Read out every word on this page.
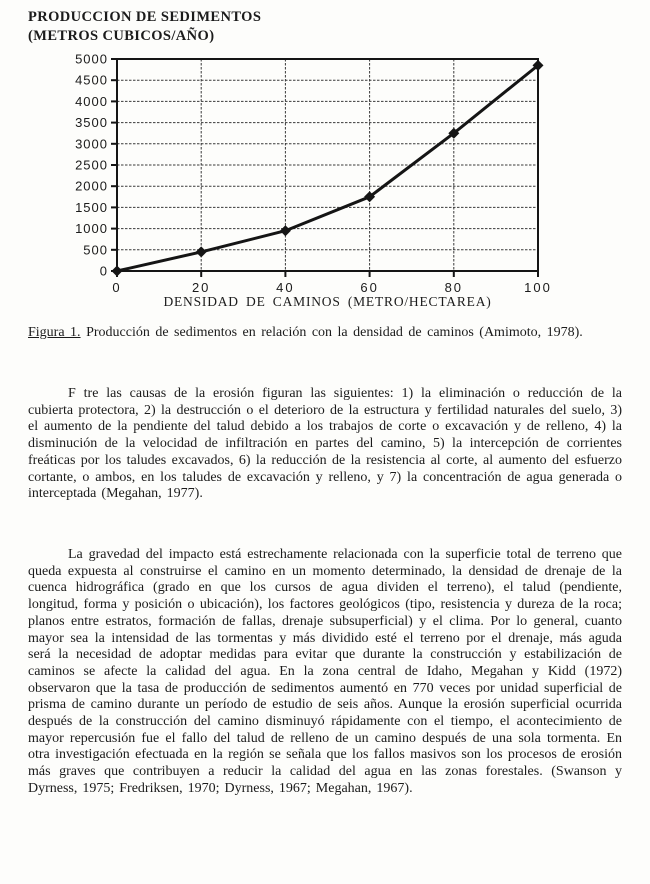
PRODUCCION DE SEDIMENTOS
(METROS CUBICOS/AÑO)
0
500
1000
1500
2000
2500
3000
3500
4000
4500
5000
0	20	40	60	80	100
DENSIDAD DE CAMINOS (METRO/HECTAREA)
Figura 1. Producción de sedimentos en relación con la densidad de caminos (Amimoto, 1978).
F tre las causas de la erosión figuran las siguientes: 1) la eliminación o reducción de la cubierta protectora, 2) la destrucción o el deterioro de la estructura y fertilidad naturales del suelo, 3) el aumento de la pendiente del talud debido a los trabajos de corte o excavación y de relleno, 4) la disminución de la velocidad de infiltración en partes del camino, 5) la intercepción de corrientes freáticas por los taludes excavados, 6) la reducción de la resistencia al corte, al aumento del esfuerzo cortante, o ambos, en los taludes de excavación y relleno, y 7) la concentración de agua generada o interceptada (Megahan, 1977).
La gravedad del impacto está estrechamente relacionada con la superficie total de terreno que queda expuesta al construirse el camino en un momento determinado, la densidad de drenaje de la cuenca hidrográfica (grado en que los cursos de agua dividen el terreno), el talud (pendiente, longitud, forma y posición o ubicación), los factores geológicos (tipo, resistencia y dureza de la roca; planos entre estratos, formación de fallas, drenaje subsuperficial) y el clima. Por lo general, cuanto mayor sea la intensidad de las tormentas y más dividido esté el terreno por el drenaje, más aguda será la necesidad de adoptar medidas para evitar que durante la construcción y estabilización de caminos se afecte la calidad del agua. En la zona central de Idaho, Megahan y Kidd (1972) observaron que la tasa de producción de sedimentos aumentó en 770 veces por unidad superficial de prisma de camino durante un período de estudio de seis años. Aunque la erosión superficial ocurrida después de la construcción del camino disminuyó rápidamente con el tiempo, el acontecimiento de mayor repercusión fue el fallo del talud de relleno de un camino después de una sola tormenta. En otra investigación efectuada en la región se señala que los fallos masivos son los procesos de erosión más graves que contribuyen a reducir la calidad del agua en las zonas forestales. (Swanson y Dyrness, 1975; Fredriksen, 1970; Dyrness, 1967; Megahan, 1967).
